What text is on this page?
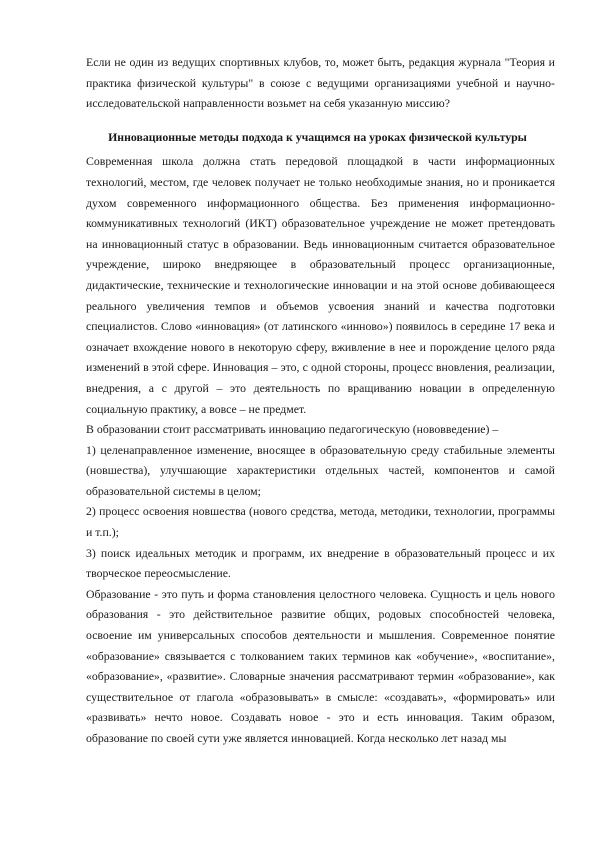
Если не один из ведущих спортивных клубов, то, может быть, редакция журнала "Теория и практика физической культуры" в союзе с ведущими организациями учебной и научно-исследовательской направленности возьмет на себя указанную миссию?

Инновационные методы подхода к учащимся на уроках физической культуры

Современная школа должна стать передовой площадкой в части информационных технологий, местом, где человек получает не только необходимые знания, но и проникается духом современного информационного общества. Без применения информационно-коммуникативных технологий (ИКТ) образовательное учреждение не может претендовать на инновационный статус в образовании. Ведь инновационным считается образовательное учреждение, широко внедряющее в образовательный процесс организационные, дидактические, технические и технологические инновации и на этой основе добивающееся реального увеличения темпов и объемов усвоения знаний и качества подготовки специалистов. Слово «инновация» (от латинского «инново») появилось в середине 17 века и означает вхождение нового в некоторую сферу, вживление в нее и порождение целого ряда изменений в этой сфере. Инновация – это, с одной стороны, процесс вновления, реализации, внедрения, а с другой – это деятельность по вращиванию новации в определенную социальную практику, а вовсе – не предмет.

В образовании стоит рассматривать инновацию педагогическую (нововведение) –

1) целенаправленное изменение, вносящее в образовательную среду стабильные элементы (новшества), улучшающие характеристики отдельных частей, компонентов и самой образовательной системы в целом;

2) процесс освоения новшества (нового средства, метода, методики, технологии, программы и т.п.);

3) поиск идеальных методик и программ, их внедрение в образовательный процесс и их творческое переосмысление.

Образование - это путь и форма становления целостного человека. Сущность и цель нового образования - это действительное развитие общих, родовых способностей человека, освоение им универсальных способов деятельности и мышления. Современное понятие «образование» связывается с толкованием таких терминов как «обучение», «воспитание», «образование», «развитие». Словарные значения рассматривают термин «образование», как существительное от глагола «образовывать» в смысле: «создавать», «формировать» или «развивать» нечто новое. Создавать новое - это и есть инновация. Таким образом, образование по своей сути уже является инновацией. Когда несколько лет назад мы
